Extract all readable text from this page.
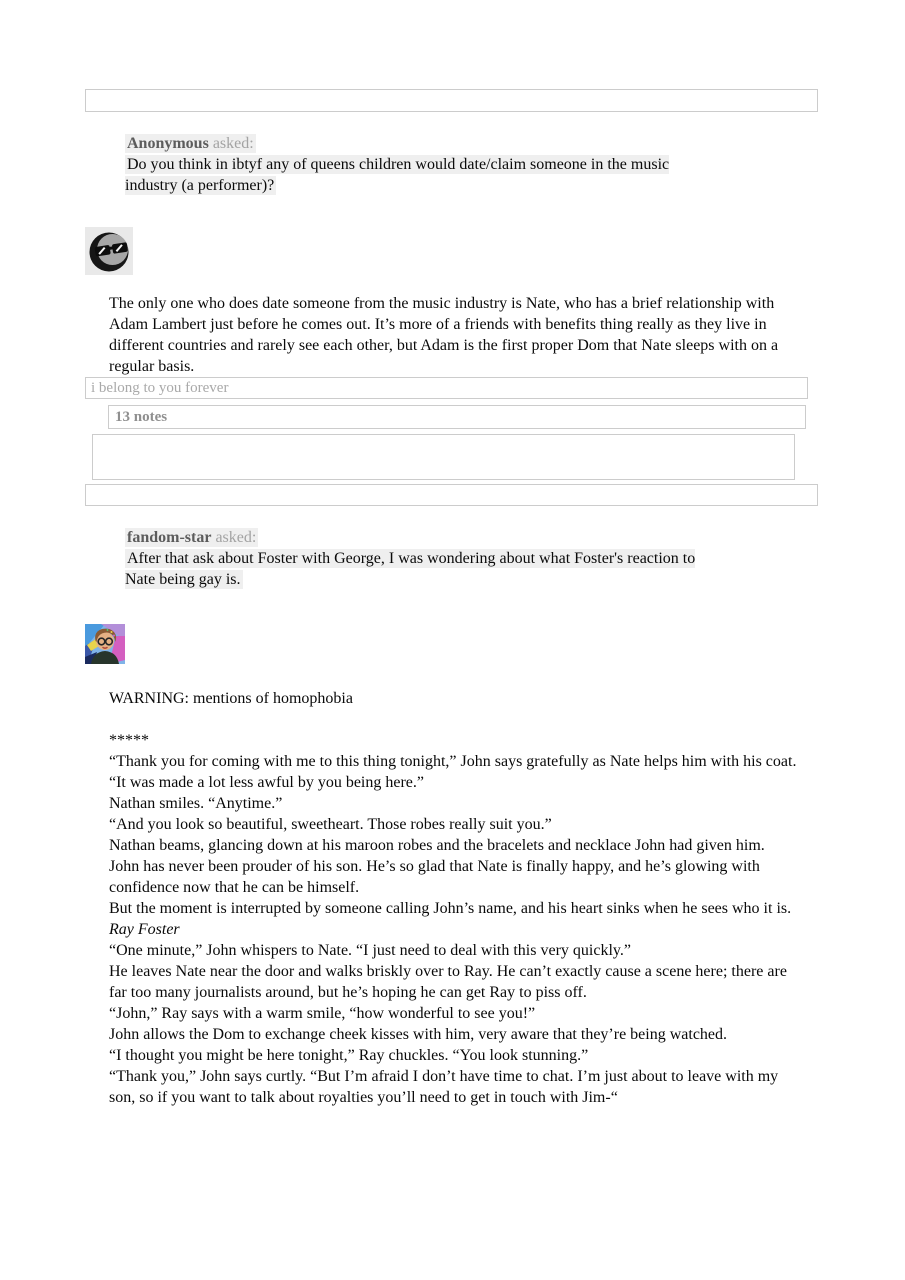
Anonymous asked:
Do you think in ibtyf any of queens children would date/claim someone in the music industry (a performer)?

The only one who does date someone from the music industry is Nate, who has a brief relationship with Adam Lambert just before he comes out. It’s more of a friends with benefits thing really as they live in different countries and rarely see each other, but Adam is the first proper Dom that Nate sleeps with on a regular basis.

i belong to you forever
13 notes
fandom-star asked:
After that ask about Foster with George, I was wondering about what Foster's reaction to Nate being gay is.

WARNING: mentions of homophobia

*****

“Thank you for coming with me to this thing tonight,” John says gratefully as Nate helps him with his coat. “It was made a lot less awful by you being here.”

Nathan smiles. “Anytime.”

“And you look so beautiful, sweetheart. Those robes really suit you.”

Nathan beams, glancing down at his maroon robes and the bracelets and necklace John had given him.

John has never been prouder of his son. He’s so glad that Nate is finally happy, and he’s glowing with confidence now that he can be himself.

But the moment is interrupted by someone calling John’s name, and his heart sinks when he sees who it is.

Ray Foster

“One minute,” John whispers to Nate. “I just need to deal with this very quickly.”

He leaves Nate near the door and walks briskly over to Ray. He can’t exactly cause a scene here; there are far too many journalists around, but he’s hoping he can get Ray to piss off.

“John,” Ray says with a warm smile, “how wonderful to see you!”

John allows the Dom to exchange cheek kisses with him, very aware that they’re being watched.

“I thought you might be here tonight,” Ray chuckles. “You look stunning.”

“Thank you,” John says curtly. “But I’m afraid I don’t have time to chat. I’m just about to leave with my son, so if you want to talk about royalties you’ll need to get in touch with Jim-“
